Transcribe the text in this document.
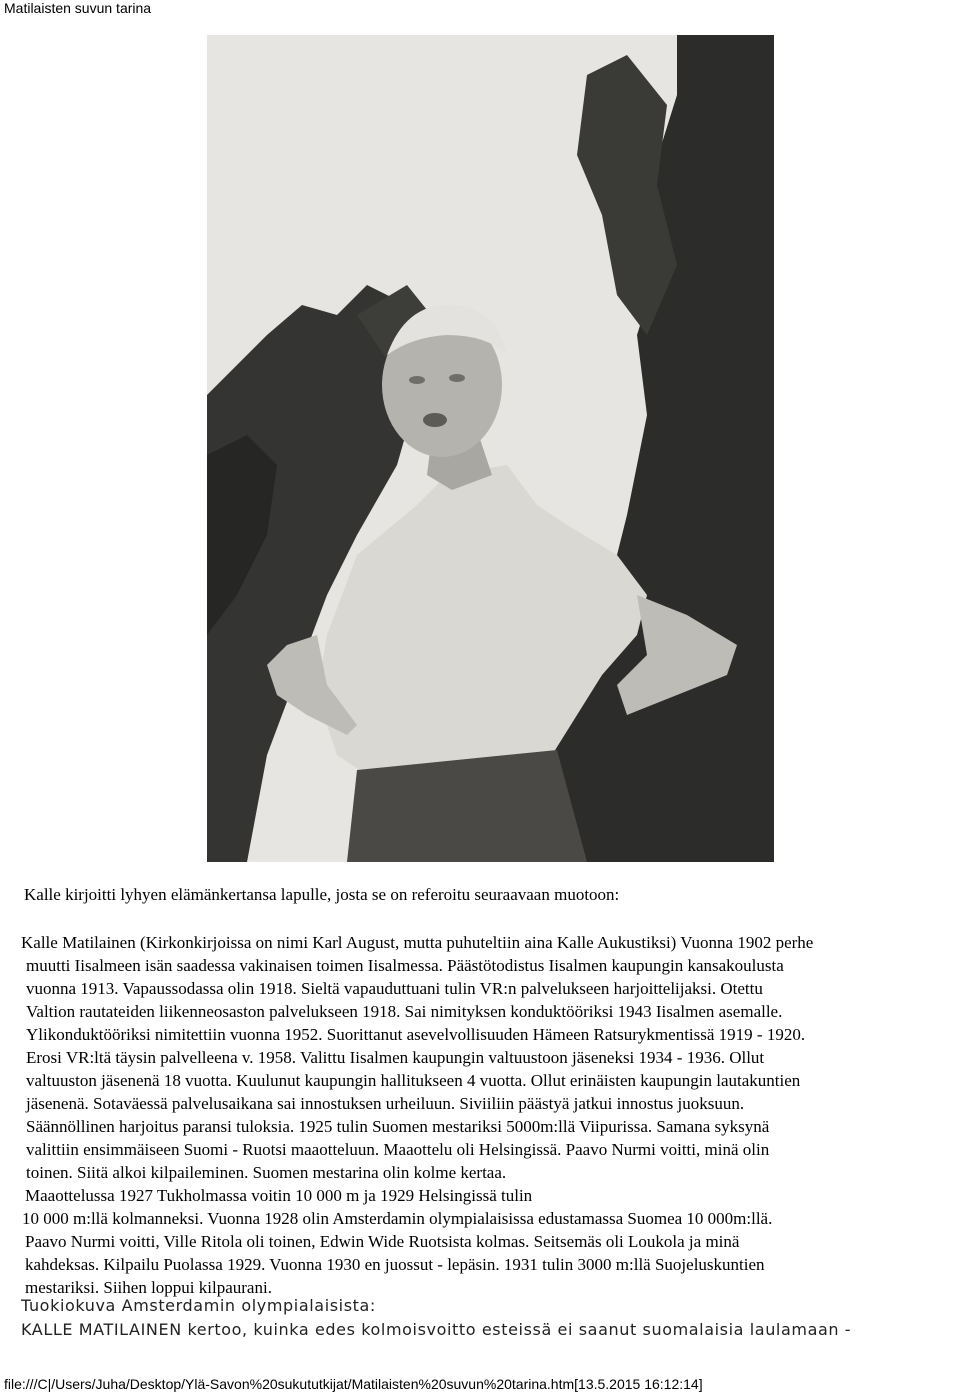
Matilaisten suvun tarina
Kalle kirjoitti lyhyen elämänkertansa lapulle, josta se on referoitu seuraavaan muotoon:
Kalle Matilainen (Kirkonkirjoissa on nimi Karl August, mutta puhuteltiin aina Kalle Aukustiksi) Vuonna 1902 perhe
muutti Iisalmeen isän saadessa vakinaisen toimen Iisalmessa. Päästötodistus Iisalmen kaupungin kansakoulusta
vuonna 1913. Vapaussodassa olin 1918. Sieltä vapauduttuani tulin VR:n palvelukseen harjoittelijaksi. Otettu
Valtion rautateiden liikenneosaston palvelukseen 1918. Sai nimityksen konduktööriksi 1943 Iisalmen asemalle.
Ylikonduktööriksi nimitettiin vuonna 1952. Suorittanut asevelvollisuuden Hämeen Ratsurykmentissä 1919 - 1920.
Erosi VR:ltä täysin palvelleena v. 1958. Valittu Iisalmen kaupungin valtuustoon jäseneksi 1934 - 1936. Ollut
valtuuston jäsenenä 18 vuotta. Kuulunut kaupungin hallitukseen 4 vuotta. Ollut erinäisten kaupungin lautakuntien
jäsenenä. Sotaväessä palvelusaikana sai innostuksen urheiluun. Siviiliin päästyä jatkui innostus juoksuun.
Säännöllinen harjoitus paransi tuloksia. 1925 tulin Suomen mestariksi 5000m:llä Viipurissa. Samana syksynä
valittiin ensimmäiseen Suomi - Ruotsi maaotteluun. Maaottelu oli Helsingissä. Paavo Nurmi voitti, minä olin
toinen. Siitä alkoi kilpaileminen. Suomen mestarina olin kolme kertaa.
Maaottelussa 1927 Tukholmassa voitin 10 000 m ja 1929 Helsingissä tulin
10 000 m:llä kolmanneksi. Vuonna 1928 olin Amsterdamin olympialaisissa edustamassa Suomea 10 000m:llä.
Paavo Nurmi voitti, Ville Ritola oli toinen, Edwin Wide Ruotsista kolmas. Seitsemäs oli Loukola ja minä
kahdeksas. Kilpailu Puolassa 1929. Vuonna 1930 en juossut - lepäsin. 1931 tulin 3000 m:llä Suojeluskuntien
mestariksi. Siihen loppui kilpaurani.
Tuokiokuva Amsterdamin olympialaisista:
KALLE MATILAINEN kertoo, kuinka edes kolmoisvoitto esteissä ei saanut suomalaisia laulamaan -
file:///C|/Users/Juha/Desktop/Ylä-Savon%20sukututkijat/Matilaisten%20suvun%20tarina.htm[13.5.2015 16:12:14]
